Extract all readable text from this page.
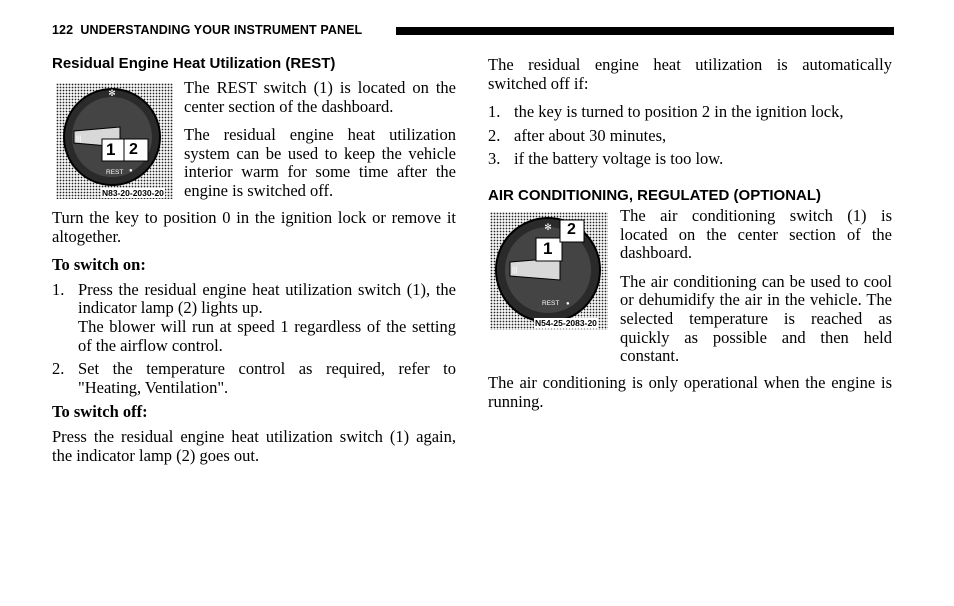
122 UNDERSTANDING YOUR INSTRUMENT PANEL
Residual Engine Heat Utilization (REST)
|||
✻
●
1 2
REST
N83-20-2030-20

The REST switch (1) is located on the center section of the dashboard.

The residual engine heat utilization system can be used to keep the vehicle interior warm for some time after the engine is switched off.

Turn the key to position 0 in the ignition lock or remove it altogether.

To switch on:

1. Press the residual engine heat utilization switch (1), the indicator lamp (2) lights up.
The blower will run at speed 1 regardless of the setting of the airflow control.
2. Set the temperature control as required, refer to "Heating, Ventilation".

To switch off:

Press the residual engine heat utilization switch (1) again, the indicator lamp (2) goes out.

The residual engine heat utilization is automatically switched off if:

1. the key is turned to position 2 in the ignition lock,
2. after about 30 minutes,
3. if the battery voltage is too low.
AIR CONDITIONING, REGULATED (OPTIONAL)
|||
✻
●
1
2
REST
N54-25-2083-20

The air conditioning switch (1) is located on the center section of the dashboard.

The air conditioning can be used to cool or dehumidify the air in the vehicle. The selected temperature is reached as quickly as possible and then held constant.

The air conditioning is only operational when the engine is running.
